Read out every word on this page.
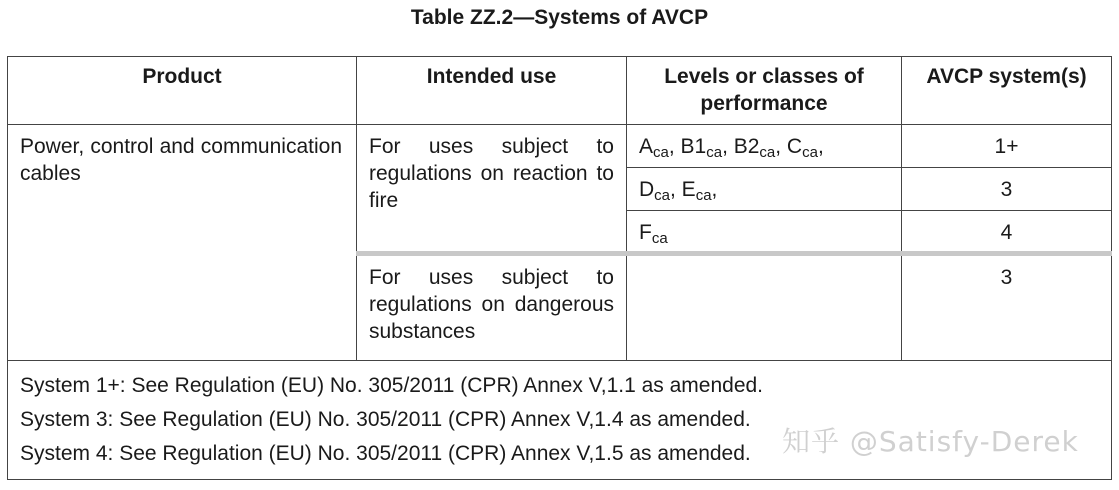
Table ZZ.2—Systems of AVCP
Product	Intended use	Levels or classes of performance	AVCP system(s)
Power, control and communication cables	For uses subject to regulations on reaction to fire	$A_{ca}$, $B1_{ca}$, $B2_{ca}$, $C_{ca}$,	1+
		$D_{ca}$, $E_{ca}$,	3
		$F_{ca}$	4
	For uses subject to regulations on dangerous substances		3

System 1+: See Regulation (EU) No. 305/2011 (CPR) Annex V,1.1 as amended.
System 3: See Regulation (EU) No. 305/2011 (CPR) Annex V,1.4 as amended.
System 4: See Regulation (EU) No. 305/2011 (CPR) Annex V,1.5 as amended.				知乎 @Satisfy-Derek
